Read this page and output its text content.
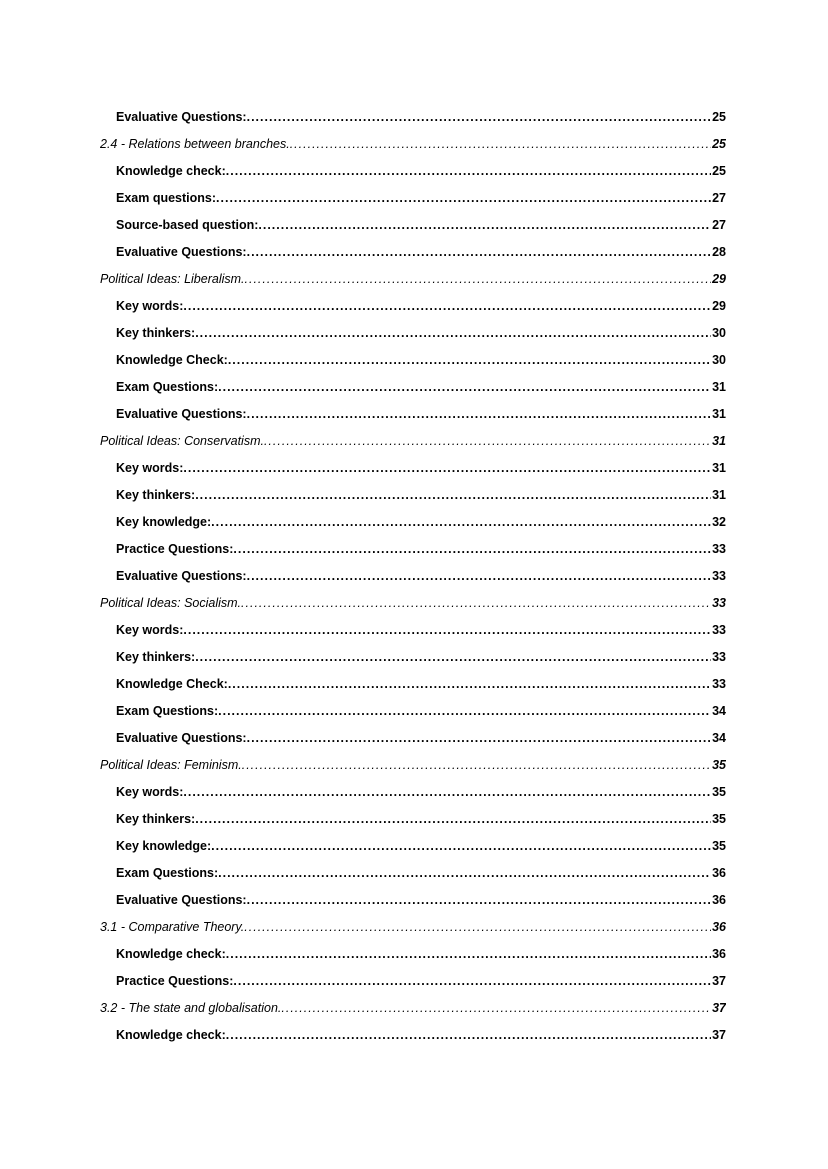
Evaluative Questions: .....	25
2.4 - Relations between branches. .....	25
Knowledge check: .....	25
Exam questions: .....	27
Source-based question: .....	27
Evaluative Questions: .....	28
Political Ideas: Liberalism. .....	29
Key words: .....	29
Key thinkers: .....	30
Knowledge Check: .....	30
Exam Questions: .....	31
Evaluative Questions: .....	31
Political Ideas: Conservatism. .....	31
Key words: .....	31
Key thinkers: .....	31
Key knowledge: .....	32
Practice Questions: .....	33
Evaluative Questions: .....	33
Political Ideas: Socialism. .....	33
Key words: .....	33
Key thinkers: .....	33
Knowledge Check: .....	33
Exam Questions: .....	34
Evaluative Questions: .....	34
Political Ideas: Feminism. .....	35
Key words: .....	35
Key thinkers: .....	35
Key knowledge: .....	35
Exam Questions: .....	36
Evaluative Questions: .....	36
3.1 - Comparative Theory. .....	36
Knowledge check: .....	36
Practice Questions: .....	37
3.2 - The state and globalisation. .....	37
Knowledge check: .....	37
